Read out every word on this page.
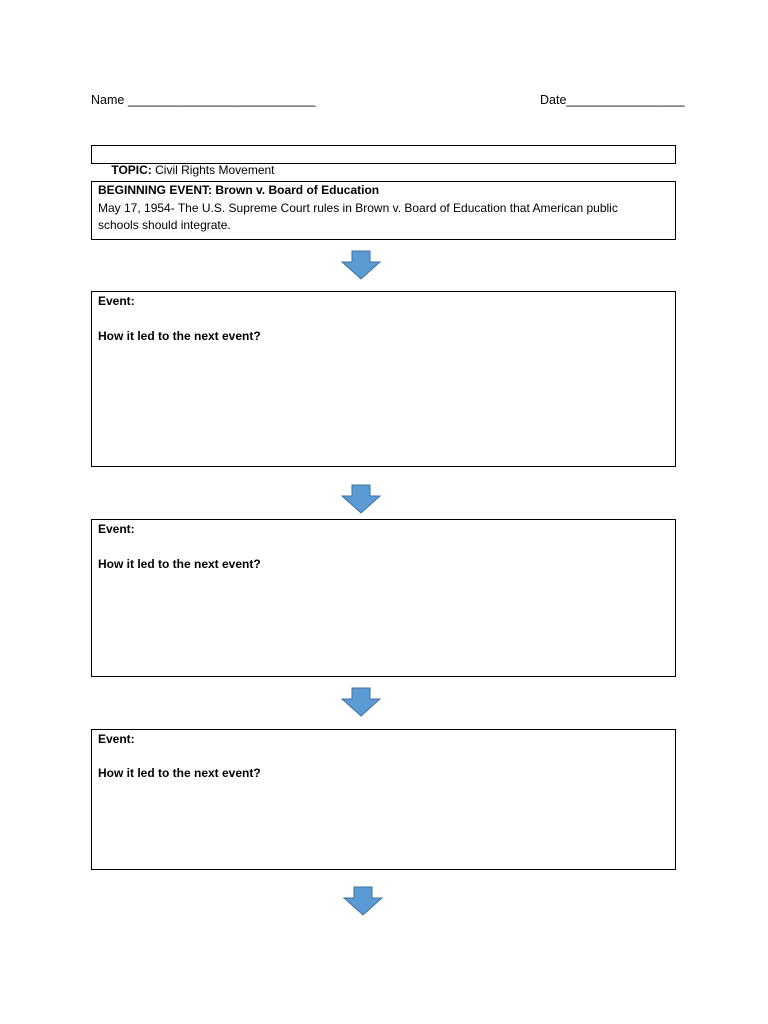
Name ___________________________	Date_________________

TOPIC: Civil Rights Movement

BEGINNING EVENT: Brown v. Board of Education
May 17, 1954- The U.S. Supreme Court rules in Brown v. Board of Education that American public
schools should integrate.
Event:
How it led to the next event?
Event:
How it led to the next event?
Event:
How it led to the next event?
